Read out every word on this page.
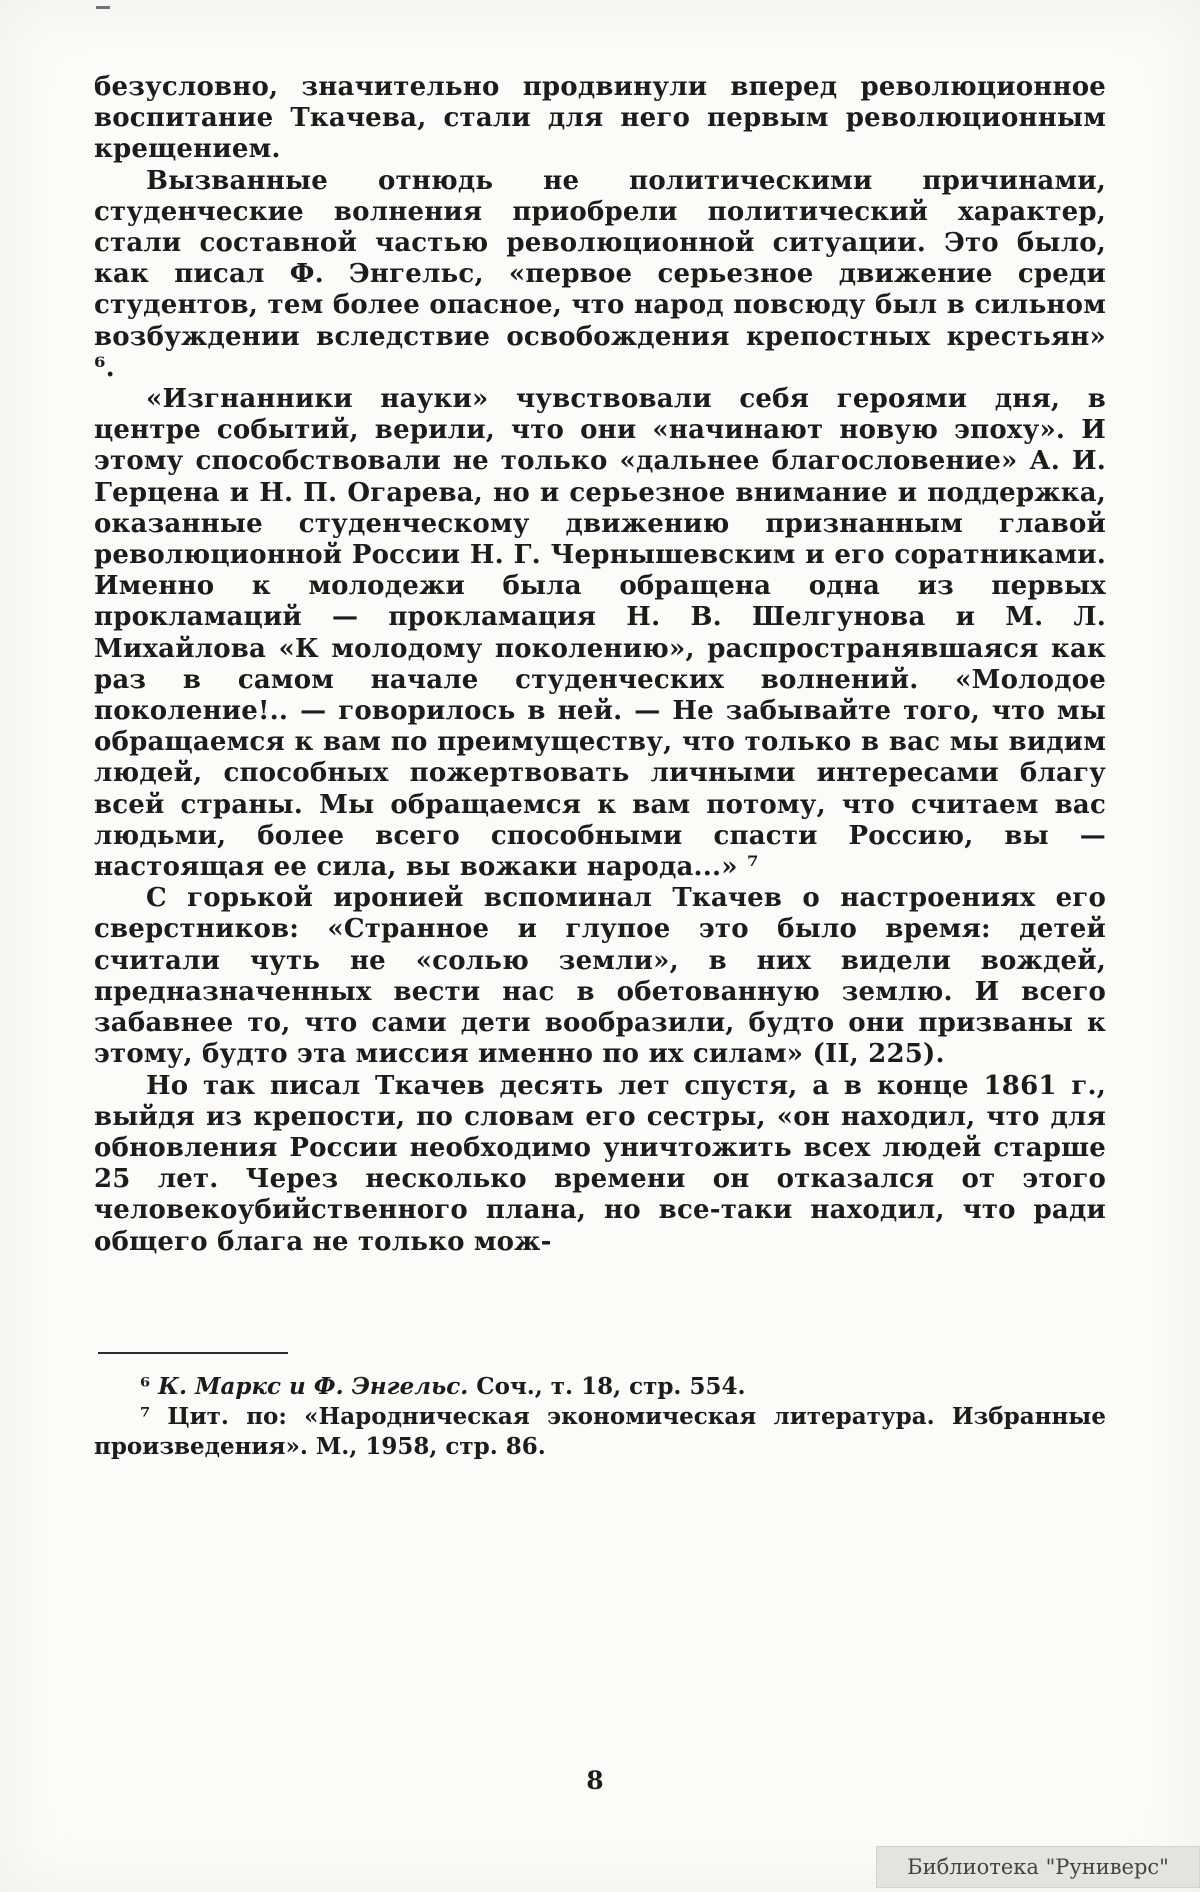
безусловно, значительно продвинули вперед революционное воспитание Ткачева, стали для него первым революционным крещением.

Вызванные отнюдь не политическими причинами, студенческие волнения приобрели политический характер, стали составной частью революционной ситуации. Это было, как писал Ф. Энгельс, «первое серьезное движение среди студентов, тем более опасное, что народ повсюду был в сильном возбуждении вследствие освобождения крепостных крестьян» ⁶.

«Изгнанники науки» чувствовали себя героями дня, в центре событий, верили, что они «начинают новую эпоху». И этому способствовали не только «дальнее благословение» А. И. Герцена и Н. П. Огарева, но и серьезное внимание и поддержка, оказанные студенческому движению признанным главой революционной России Н. Г. Чернышевским и его соратниками. Именно к молодежи была обращена одна из первых прокламаций — прокламация Н. В. Шелгунова и М. Л. Михайлова «К молодому поколению», распространявшаяся как раз в самом начале студенческих волнений. «Молодое поколение!.. — говорилось в ней. — Не забывайте того, что мы обращаемся к вам по преимуществу, что только в вас мы видим людей, способных пожертвовать личными интересами благу всей страны. Мы обращаемся к вам потому, что считаем вас людьми, более всего способными спасти Россию, вы — настоящая ее сила, вы вожаки народа...» ⁷

С горькой иронией вспоминал Ткачев о настроениях его сверстников: «Странное и глупое это было время: детей считали чуть не «солью земли», в них видели вождей, предназначенных вести нас в обетованную землю. И всего забавнее то, что сами дети вообразили, будто они призваны к этому, будто эта миссия именно по их силам» (II, 225).

Но так писал Ткачев десять лет спустя, а в конце 1861 г., выйдя из крепости, по словам его сестры, «он находил, что для обновления России необходимо уничтожить всех людей старше 25 лет. Через несколько времени он отказался от этого человекоубийственного плана, но все-таки находил, что ради общего блага не только мож-

⁶ К. Маркс и Ф. Энгельс. Соч., т. 18, стр. 554.

⁷ Цит. по: «Народническая экономическая литература. Избранные произведения». М., 1958, стр. 86.

8
Библиотека "Руниверс"
